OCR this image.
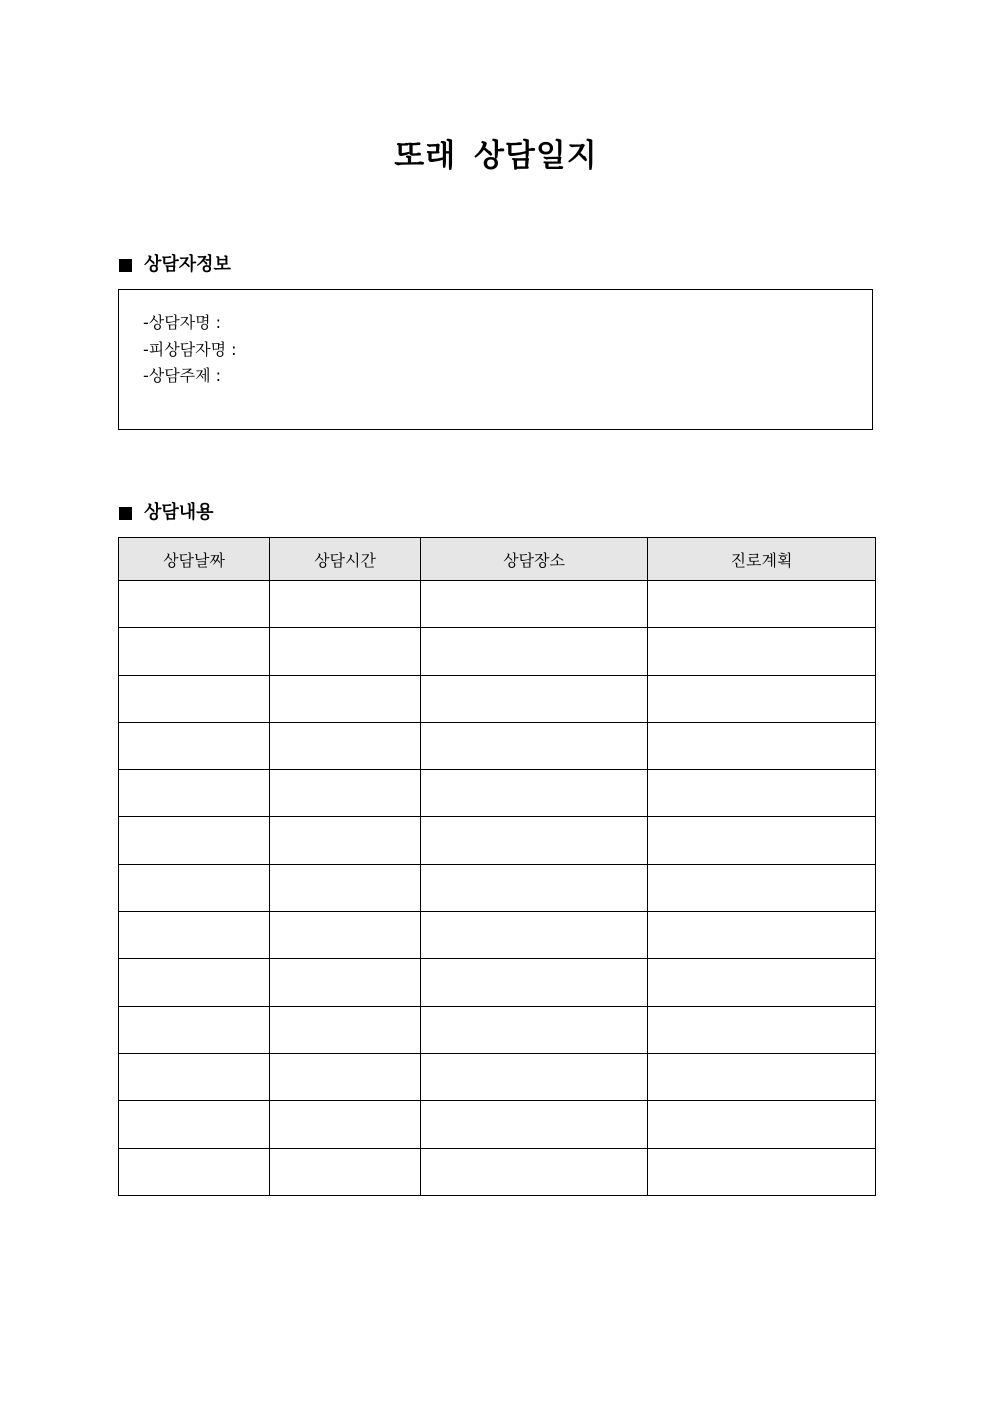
또래 상담일지
상담자정보
-상담자명 :
-피상담자명 :
-상담주제 :
상담내용
상담날짜	상담시간	상담장소	진로계획
